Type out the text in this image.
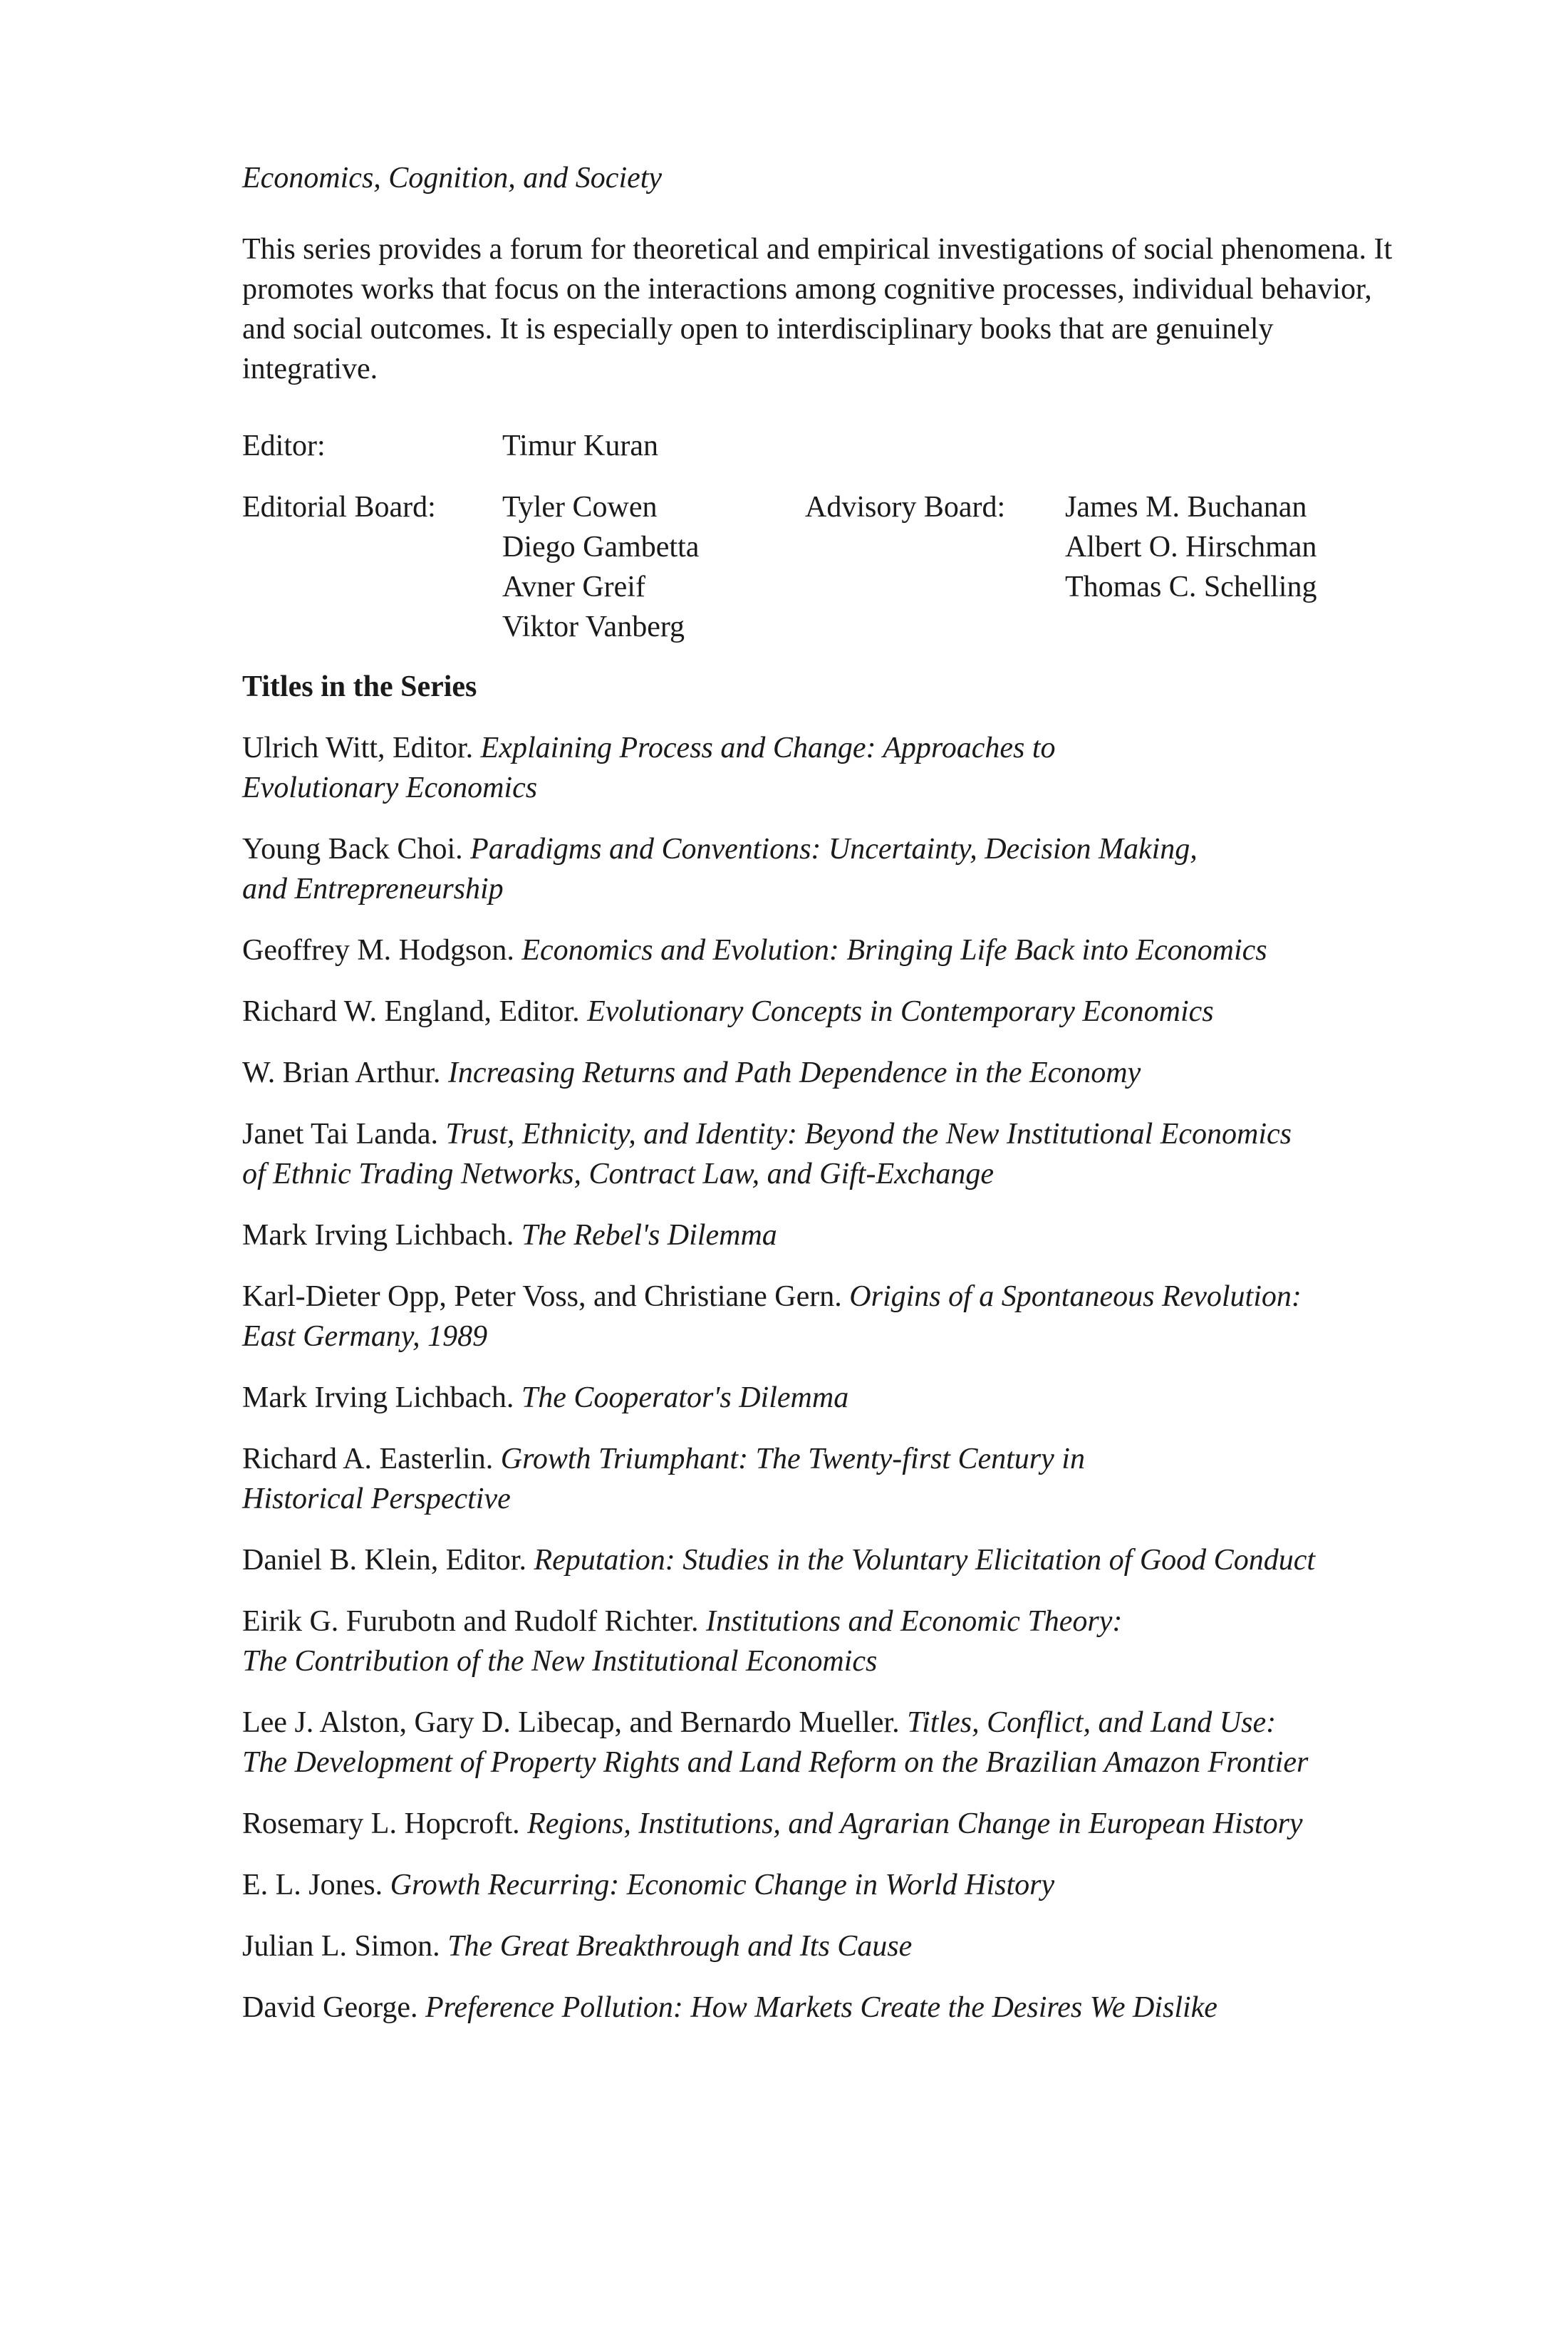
Economics, Cognition, and Society

This series provides a forum for theoretical and empirical investigations of social phenomena. It promotes works that focus on the interactions among cognitive processes, individual behavior, and social outcomes. It is especially open to interdisciplinary books that are genuinely integrative.

Editor:	Timur Kuran
Editorial Board: Tyler Cowen
Diego Gambetta
Avner Greif
Viktor Vanberg
Advisory Board: James M. Buchanan
Albert O. Hirschman
Thomas C. Schelling

Titles in the Series

Ulrich Witt, Editor. Explaining Process and Change: Approaches to
Evolutionary Economics
Young Back Choi. Paradigms and Conventions: Uncertainty, Decision Making,
and Entrepreneurship
Geoffrey M. Hodgson. Economics and Evolution: Bringing Life Back into Economics
Richard W. England, Editor. Evolutionary Concepts in Contemporary Economics
W. Brian Arthur. Increasing Returns and Path Dependence in the Economy
Janet Tai Landa. Trust, Ethnicity, and Identity: Beyond the New Institutional Economics
of Ethnic Trading Networks, Contract Law, and Gift-Exchange
Mark Irving Lichbach. The Rebel's Dilemma
Karl-Dieter Opp, Peter Voss, and Christiane Gern. Origins of a Spontaneous Revolution:
East Germany, 1989
Mark Irving Lichbach. The Cooperator's Dilemma
Richard A. Easterlin. Growth Triumphant: The Twenty-first Century in
Historical Perspective
Daniel B. Klein, Editor. Reputation: Studies in the Voluntary Elicitation of Good Conduct
Eirik G. Furubotn and Rudolf Richter. Institutions and Economic Theory:
The Contribution of the New Institutional Economics
Lee J. Alston, Gary D. Libecap, and Bernardo Mueller. Titles, Conflict, and Land Use:
The Development of Property Rights and Land Reform on the Brazilian Amazon Frontier
Rosemary L. Hopcroft. Regions, Institutions, and Agrarian Change in European History
E. L. Jones. Growth Recurring: Economic Change in World History
Julian L. Simon. The Great Breakthrough and Its Cause
David George. Preference Pollution: How Markets Create the Desires We Dislike
